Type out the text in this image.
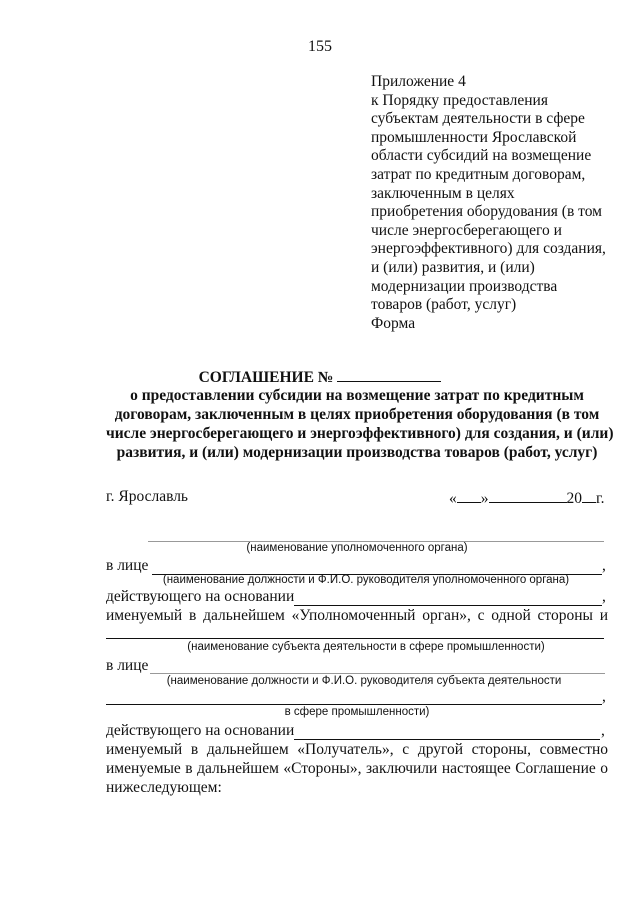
155
Приложение 4
к Порядку предоставления
субъектам деятельности в сфере
промышленности Ярославской
области субсидий на возмещение
затрат по кредитным договорам,
заключенным в целях
приобретения оборудования (в том
числе энергосберегающего и
энергоэффективного) для создания,
и (или) развития, и (или)
модернизации производства
товаров (работ, услуг)
Форма
СОГЛАШЕНИЕ №
о предоставлении субсидии на возмещение затрат по кредитным
договорам, заключенным в целях приобретения оборудования (в том
числе энергосберегающего и энергоэффективного) для создания, и (или)
развития, и (или) модернизации производства товаров (работ, услуг)
г. Ярославль	« »	20 г.
(наименование уполномоченного органа)
в лице	,
(наименование должности и Ф.И.О. руководителя уполномоченного органа)
действующего на основании	,
именуемый в дальнейшем «Уполномоченный орган», с одной стороны и
(наименование субъекта деятельности в сфере промышленности)
в лице
(наименование должности и Ф.И.О. руководителя субъекта деятельности
,
в сфере промышленности)
действующего на основании	,
именуемый в дальнейшем «Получатель», с другой стороны, совместно
именуемые в дальнейшем «Стороны», заключили настоящее Соглашение о
нижеследующем:
